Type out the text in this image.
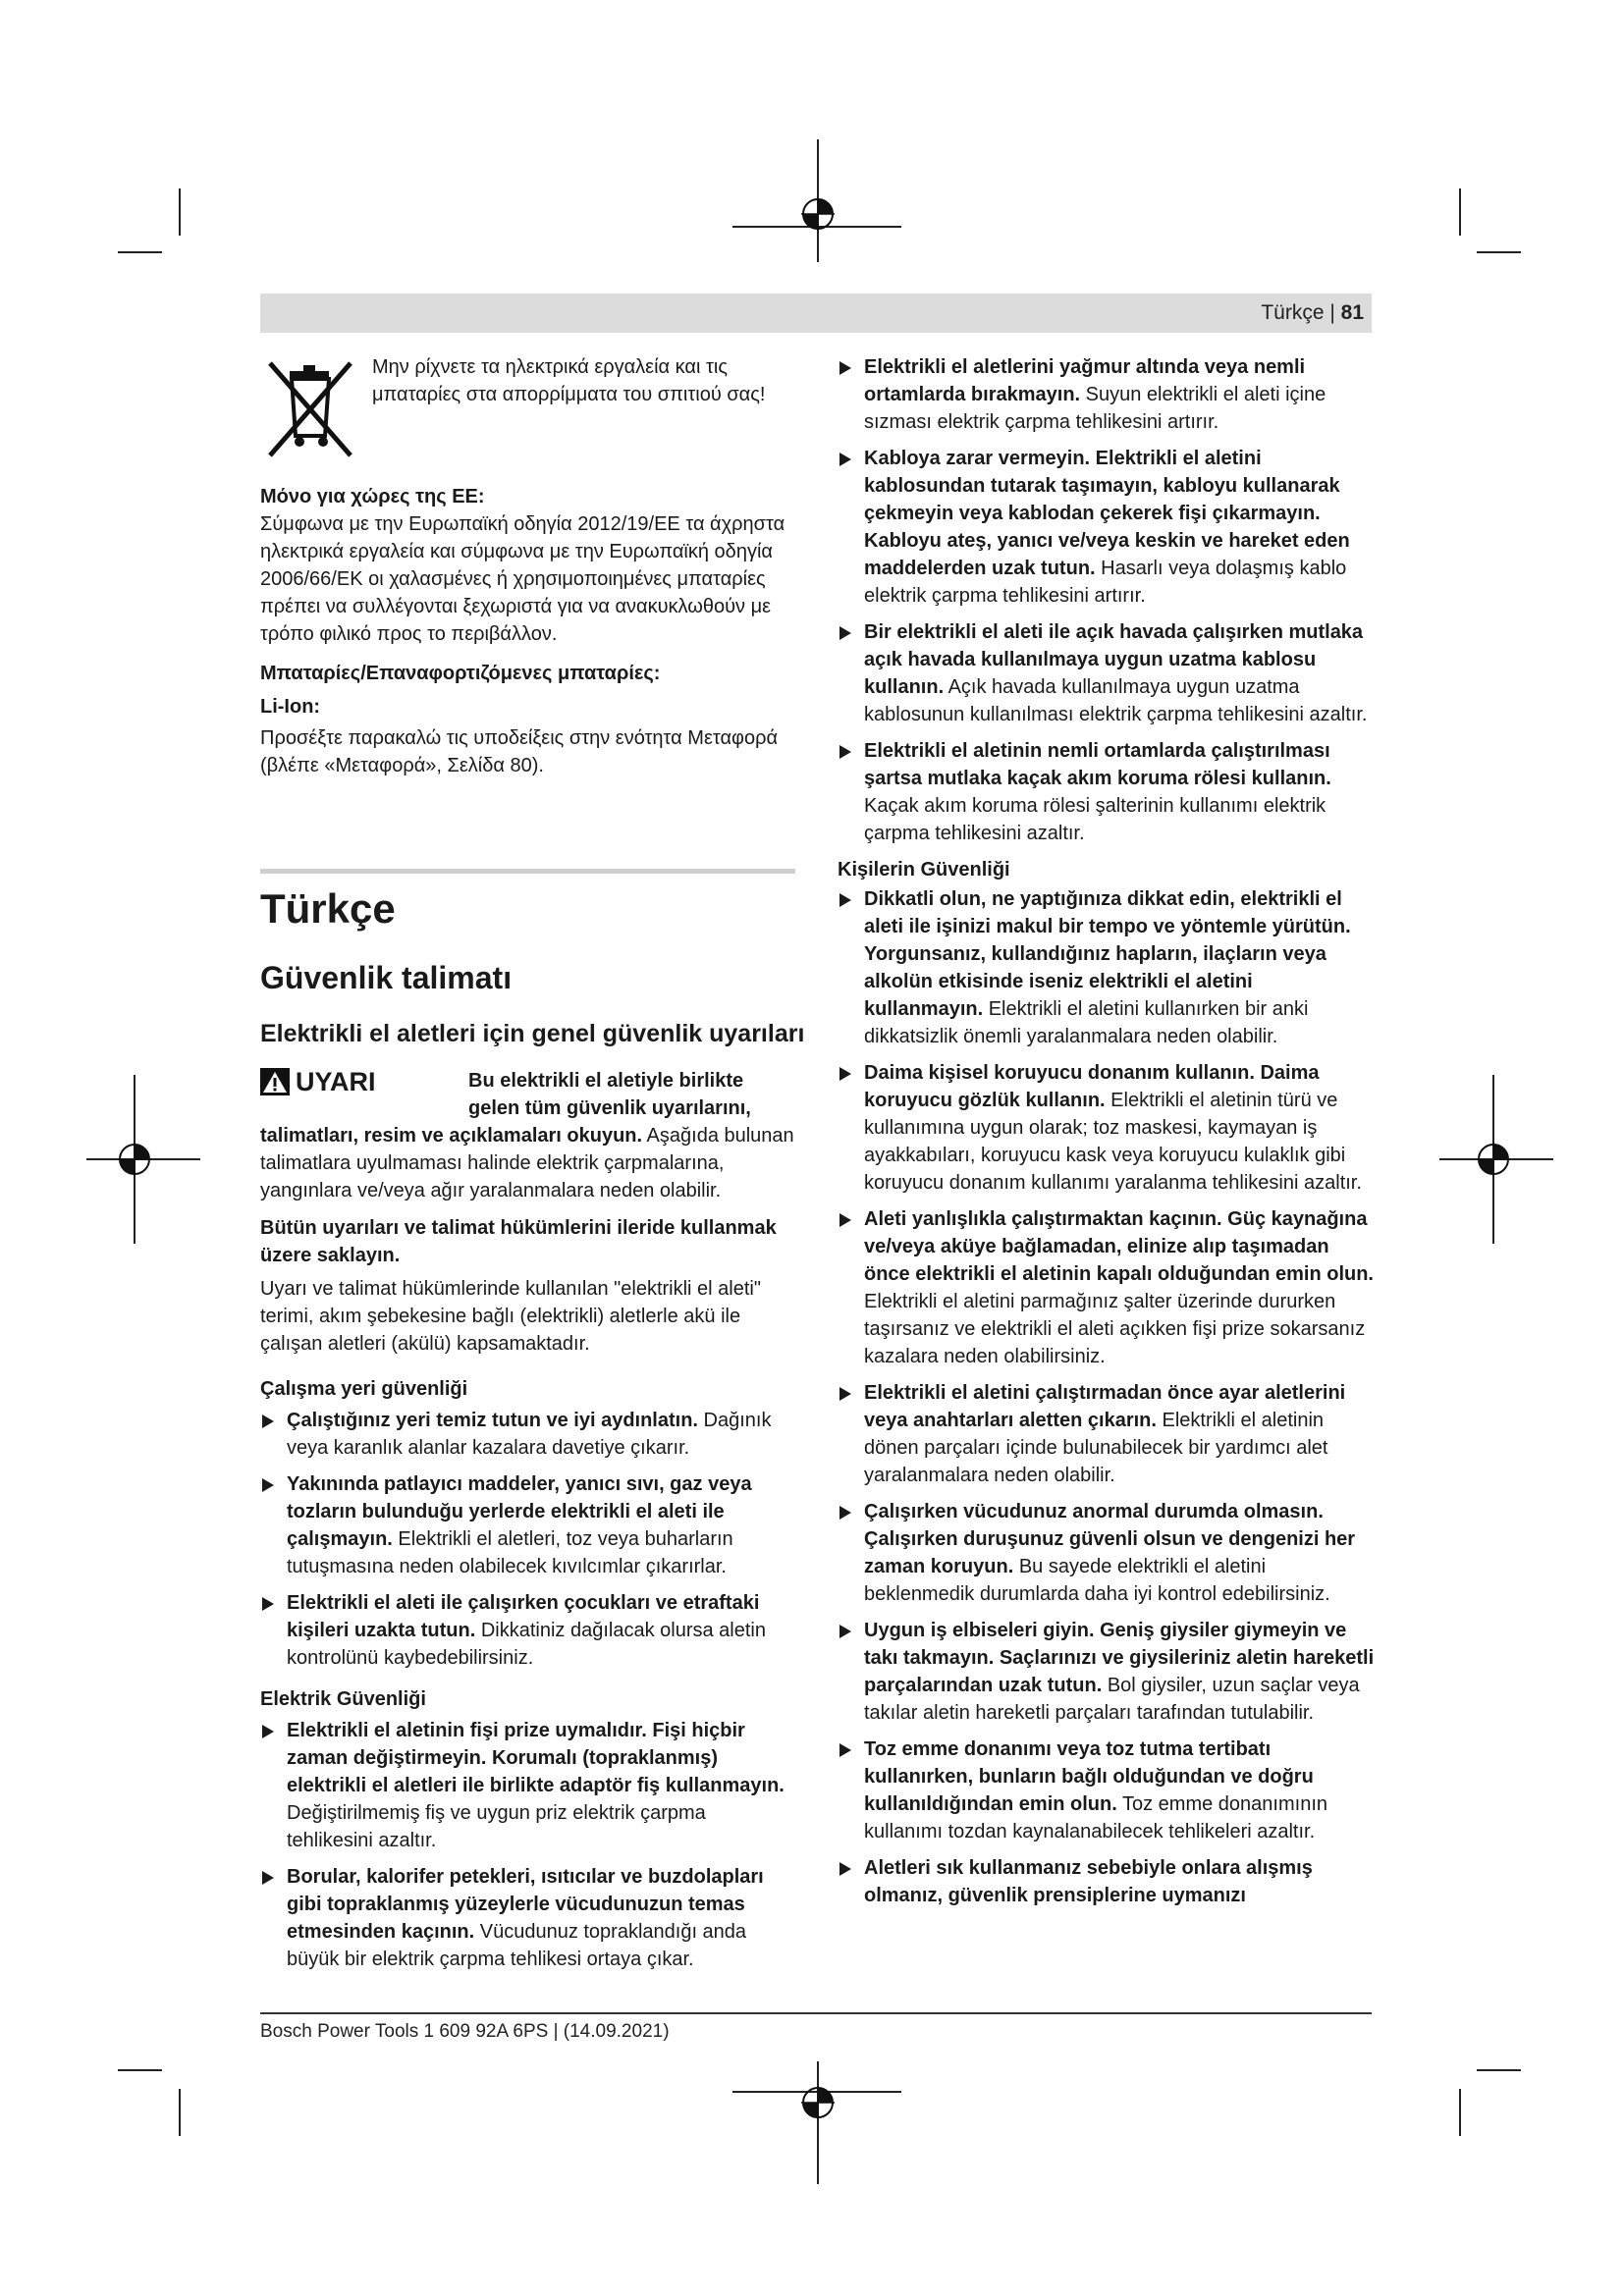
Türkçe | 81

Μην ρίχνετε τα ηλεκτρικά εργαλεία και τις μπαταρίες στα απορρίμματα του σπιτιού σας!

Μόνο για χώρες της ΕΕ:

Σύμφωνα με την Ευρωπαϊκή οδηγία 2012/19/ΕΕ τα άχρηστα ηλεκτρικά εργαλεία και σύμφωνα με την Ευρωπαϊκή οδηγία 2006/66/ΕΚ οι χαλασμένες ή χρησιμοποιημένες μπαταρίες πρέπει να συλλέγονται ξεχωριστά για να ανακυκλωθούν με τρόπο φιλικό προς το περιβάλλον.

Μπαταρίες/Επαναφορτιζόμενες μπαταρίες:

Li-Ion:

Προσέξτε παρακαλώ τις υποδείξεις στην ενότητα Μεταφορά (βλέπε «Μεταφορά», Σελίδα 80).

Türkçe
Güvenlik talimatı
Elektrikli el aletleri için genel güvenlik uyarıları
UYARI	Bu elektrikli el aletiyle birlikte gelen tüm güvenlik uyarılarını,

talimatları, resim ve açıklamaları okuyun. Aşağıda bulunan talimatlara uyulmaması halinde elektrik çarpmalarına, yangınlara ve/veya ağır yaralanmalara neden olabilir.

Bütün uyarıları ve talimat hükümlerini ileride kullanmak üzere saklayın.

Uyarı ve talimat hükümlerinde kullanılan "elektrikli el aleti" terimi, akım şebekesine bağlı (elektrikli) aletlerle akü ile çalışan aletleri (akülü) kapsamaktadır.

Çalışma yeri güvenliği

Çalıştığınız yeri temiz tutun ve iyi aydınlatın. Dağınık veya karanlık alanlar kazalara davetiye çıkarır.
Yakınında patlayıcı maddeler, yanıcı sıvı, gaz veya tozların bulunduğu yerlerde elektrikli el aleti ile çalışmayın. Elektrikli el aletleri, toz veya buharların tutuşmasına neden olabilecek kıvılcımlar çıkarırlar.
Elektrikli el aleti ile çalışırken çocukları ve etraftaki kişileri uzakta tutun. Dikkatiniz dağılacak olursa aletin kontrolünü kaybedebilirsiniz.

Elektrik Güvenliği

Elektrikli el aletinin fişi prize uymalıdır. Fişi hiçbir zaman değiştirmeyin. Korumalı (topraklanmış) elektrikli el aletleri ile birlikte adaptör fiş kullanmayın. Değiştirilmemiş fiş ve uygun priz elektrik çarpma tehlikesini azaltır.
Borular, kalorifer petekleri, ısıtıcılar ve buzdolapları gibi topraklanmış yüzeylerle vücudunuzun temas etmesinden kaçının. Vücudunuz topraklandığı anda büyük bir elektrik çarpma tehlikesi ortaya çıkar.
Elektrikli el aletlerini yağmur altında veya nemli ortamlarda bırakmayın. Suyun elektrikli el aleti içine sızması elektrik çarpma tehlikesini artırır.
Kabloya zarar vermeyin. Elektrikli el aletini kablosundan tutarak taşımayın, kabloyu kullanarak çekmeyin veya kablodan çekerek fişi çıkarmayın. Kabloyu ateş, yanıcı ve/veya keskin ve hareket eden maddelerden uzak tutun. Hasarlı veya dolaşmış kablo elektrik çarpma tehlikesini artırır.
Bir elektrikli el aleti ile açık havada çalışırken mutlaka açık havada kullanılmaya uygun uzatma kablosu kullanın. Açık havada kullanılmaya uygun uzatma kablosunun kullanılması elektrik çarpma tehlikesini azaltır.
Elektrikli el aletinin nemli ortamlarda çalıştırılması şartsa mutlaka kaçak akım koruma rölesi kullanın. Kaçak akım koruma rölesi şalterinin kullanımı elektrik çarpma tehlikesini azaltır.

Kişilerin Güvenliği

Dikkatli olun, ne yaptığınıza dikkat edin, elektrikli el aleti ile işinizi makul bir tempo ve yöntemle yürütün. Yorgunsanız, kullandığınız hapların, ilaçların veya alkolün etkisinde iseniz elektrikli el aletini kullanmayın. Elektrikli el aletini kullanırken bir anki dikkatsizlik önemli yaralanmalara neden olabilir.
Daima kişisel koruyucu donanım kullanın. Daima koruyucu gözlük kullanın. Elektrikli el aletinin türü ve kullanımına uygun olarak; toz maskesi, kaymayan iş ayakkabıları, koruyucu kask veya koruyucu kulaklık gibi koruyucu donanım kullanımı yaralanma tehlikesini azaltır.
Aleti yanlışlıkla çalıştırmaktan kaçının. Güç kaynağına ve/veya aküye bağlamadan, elinize alıp taşımadan önce elektrikli el aletinin kapalı olduğundan emin olun. Elektrikli el aletini parmağınız şalter üzerinde dururken taşırsanız ve elektrikli el aleti açıkken fişi prize sokarsanız kazalara neden olabilirsiniz.
Elektrikli el aletini çalıştırmadan önce ayar aletlerini veya anahtarları aletten çıkarın. Elektrikli el aletinin dönen parçaları içinde bulunabilecek bir yardımcı alet yaralanmalara neden olabilir.
Çalışırken vücudunuz anormal durumda olmasın. Çalışırken duruşunuz güvenli olsun ve dengenizi her zaman koruyun. Bu sayede elektrikli el aletini beklenmedik durumlarda daha iyi kontrol edebilirsiniz.
Uygun iş elbiseleri giyin. Geniş giysiler giymeyin ve takı takmayın. Saçlarınızı ve giysileriniz aletin hareketli parçalarından uzak tutun. Bol giysiler, uzun saçlar veya takılar aletin hareketli parçaları tarafından tutulabilir.
Toz emme donanımı veya toz tutma tertibatı kullanırken, bunların bağlı olduğundan ve doğru kullanıldığından emin olun. Toz emme donanımının kullanımı tozdan kaynalanabilecek tehlikeleri azaltır.
Aletleri sık kullanmanız sebebiyle onlara alışmış olmanız, güvenlik prensiplerine uymanızı
Bosch Power Tools 1 609 92A 6PS | (14.09.2021)
